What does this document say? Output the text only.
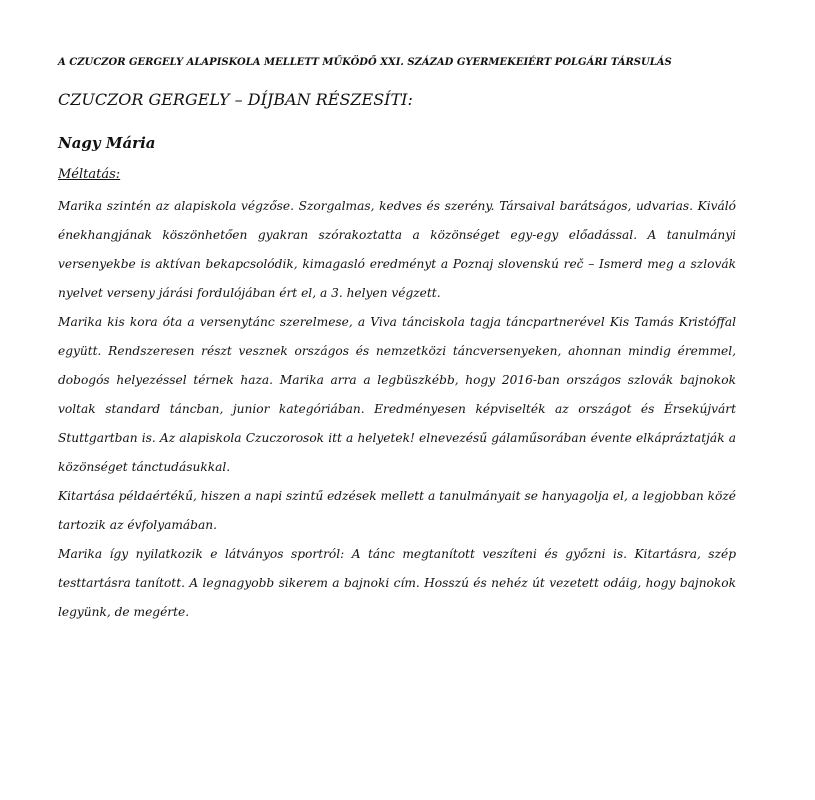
A CZUCZOR GERGELY ALAPISKOLA MELLETT MŰKÖDŐ XXI. SZÁZAD GYERMEKEIÉRT POLGÁRI TÁRSULÁS
CZUCZOR GERGELY – DÍJBAN RÉSZESÍTI:
Nagy Mária
Méltatás:

Marika szintén az alapiskola végzőse. Szorgalmas, kedves és szerény. Társaival barátságos, udvarias. Kiváló énekhangjának köszönhetően gyakran szórakoztatta a közönséget egy-egy előadással. A tanulmányi versenyekbe is aktívan bekapcsolódik, kimagasló eredményt a Poznaj slovenskú reč – Ismerd meg a szlovák nyelvet verseny járási fordulójában ért el, a 3. helyen végzett.

Marika kis kora óta a versenytánc szerelmese, a Viva tánciskola tagja táncpartnerével Kis Tamás Kristóffal együtt. Rendszeresen részt vesznek országos és nemzetközi táncversenyeken, ahonnan mindig éremmel, dobogós helyezéssel térnek haza. Marika arra a legbüszkébb, hogy 2016-ban országos szlovák bajnokok voltak standard táncban, junior kategóriában. Eredményesen képviselték az országot és Érsekújvárt Stuttgartban is. Az alapiskola Czuczorosok itt a helyetek! elnevezésű gálaműsorában évente elkápráztatják a közönséget tánctudásukkal.

Kitartása példaértékű, hiszen a napi szintű edzések mellett a tanulmányait se hanyagolja el, a legjobban közé tartozik az évfolyamában.

Marika így nyilatkozik e látványos sportról: A tánc megtanított veszíteni és győzni is. Kitartásra, szép testtartásra tanított. A legnagyobb sikerem a bajnoki cím. Hosszú és nehéz út vezetett odáig, hogy bajnokok legyünk, de megérte.
